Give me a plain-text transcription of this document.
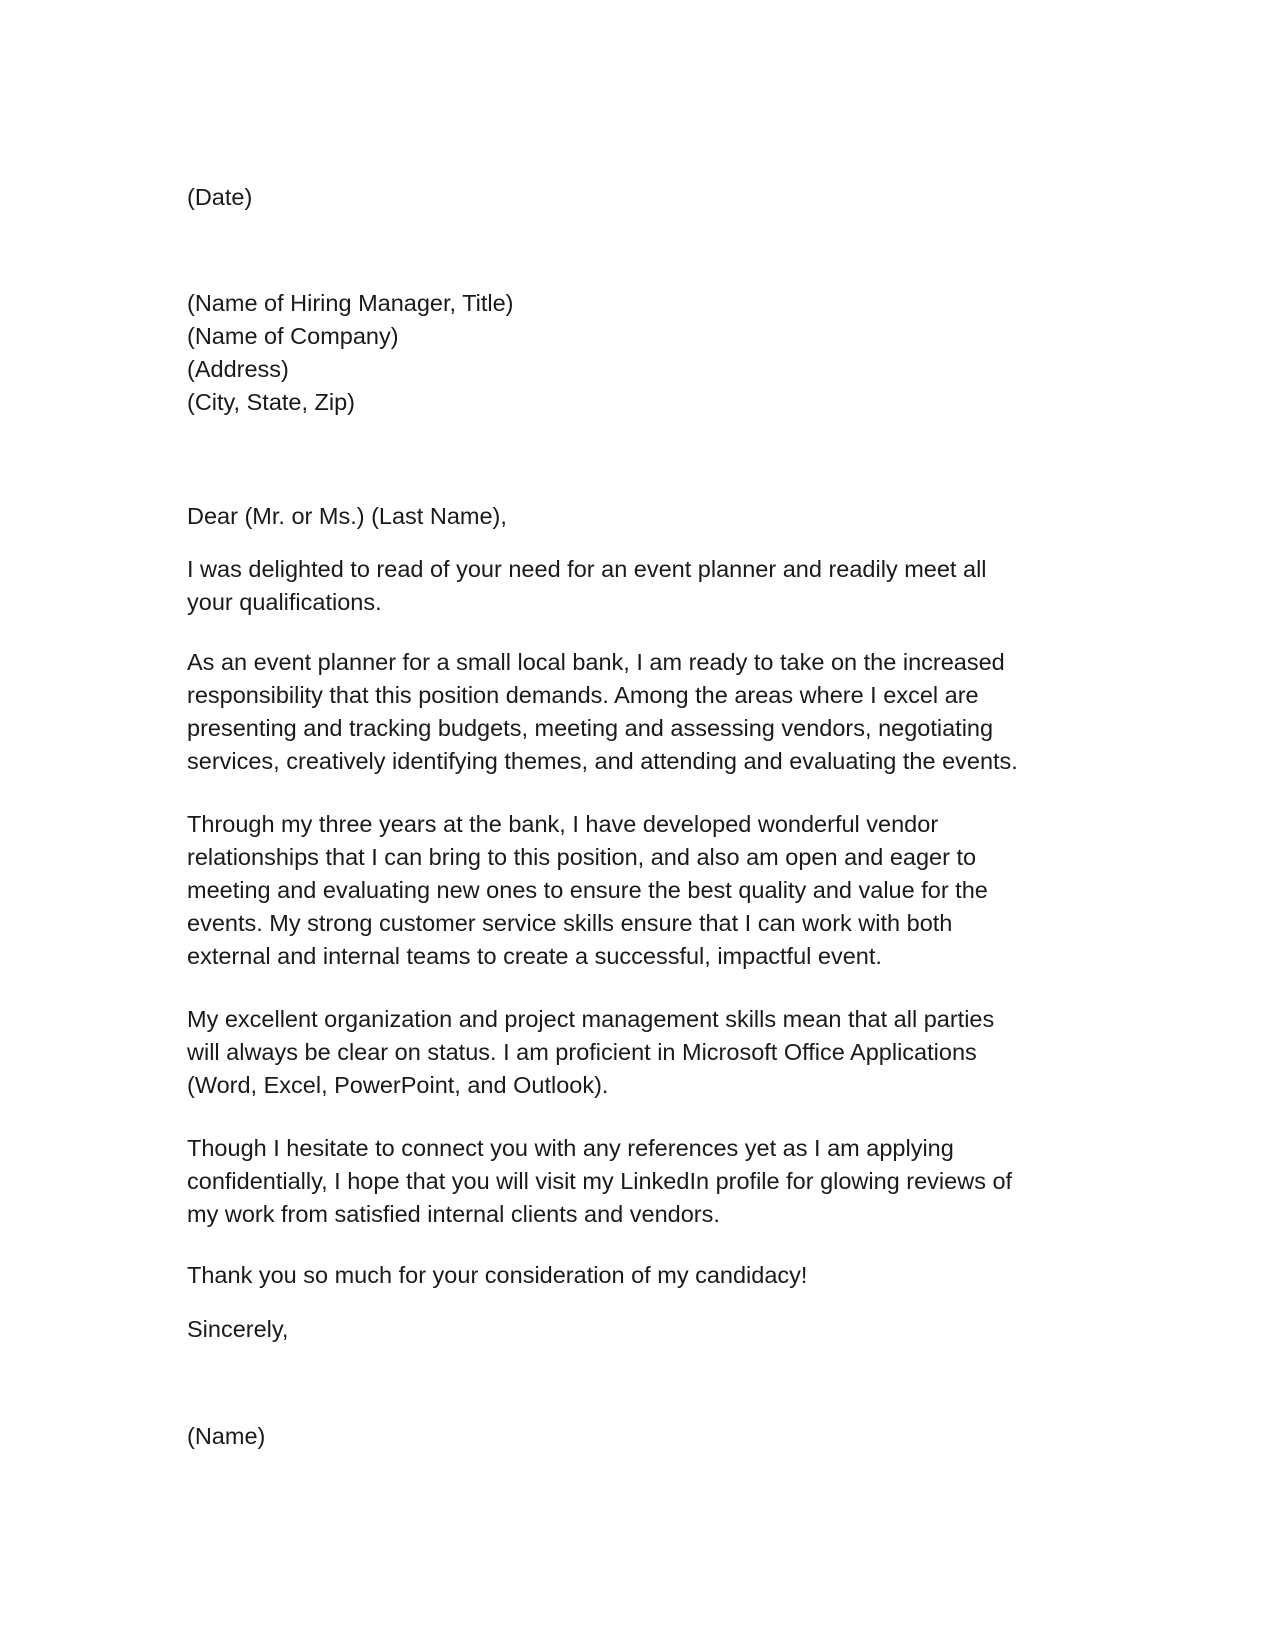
(Date)

(Name of Hiring Manager, Title)
(Name of Company)
(Address)
(City, State, Zip)

Dear (Mr. or Ms.) (Last Name),

I was delighted to read of your need for an event planner and readily meet all
your qualifications.

As an event planner for a small local bank, I am ready to take on the increased
responsibility that this position demands. Among the areas where I excel are
presenting and tracking budgets, meeting and assessing vendors, negotiating
services, creatively identifying themes, and attending and evaluating the events.

Through my three years at the bank, I have developed wonderful vendor
relationships that I can bring to this position, and also am open and eager to
meeting and evaluating new ones to ensure the best quality and value for the
events. My strong customer service skills ensure that I can work with both
external and internal teams to create a successful, impactful event.

My excellent organization and project management skills mean that all parties
will always be clear on status. I am proficient in Microsoft Office Applications
(Word, Excel, PowerPoint, and Outlook).

Though I hesitate to connect you with any references yet as I am applying
confidentially, I hope that you will visit my LinkedIn profile for glowing reviews of
my work from satisfied internal clients and vendors.

Thank you so much for your consideration of my candidacy!

Sincerely,

(Name)
